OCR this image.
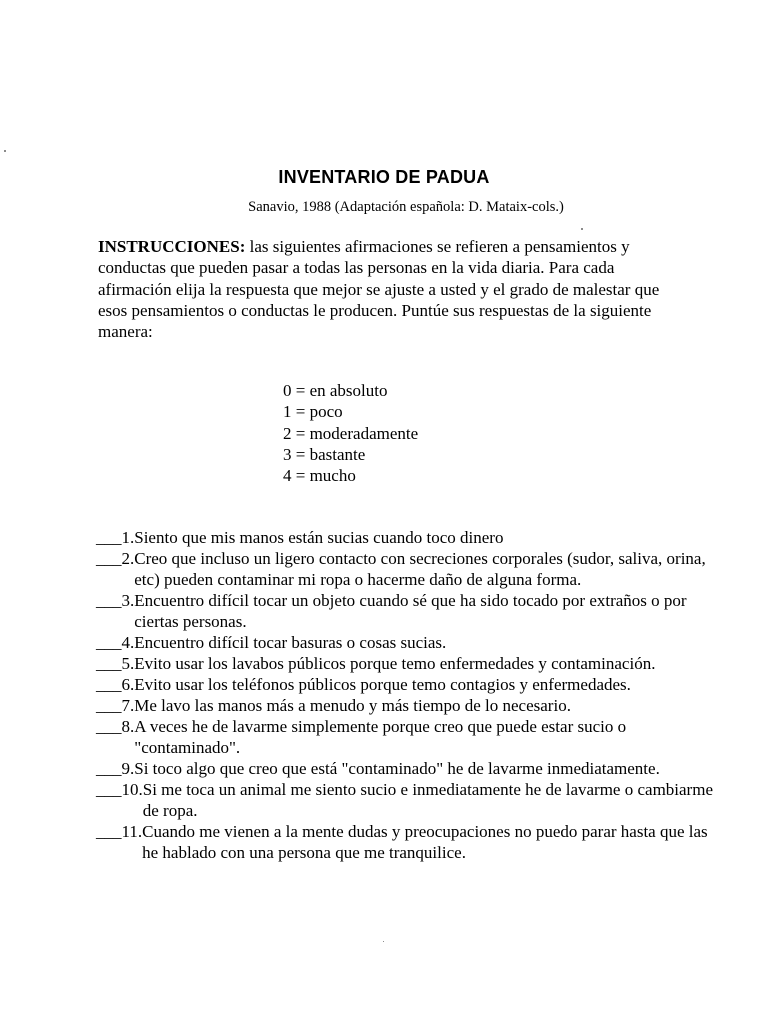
INVENTARIO DE PADUA
Sanavio, 1988 (Adaptación española: D. Mataix-cols.)
INSTRUCCIONES: las siguientes afirmaciones se refieren a pensamientos y conductas que pueden pasar a todas las personas en la vida diaria. Para cada afirmación elija la respuesta que mejor se ajuste a usted y el grado de malestar que esos pensamientos o conductas le producen. Puntúe sus respuestas de la siguiente manera:
0 = en absoluto
1 = poco
2 = moderadamente
3 = bastante
4 = mucho
___ 1. Siento que mis manos están sucias cuando toco dinero
___ 2. Creo que incluso un ligero contacto con secreciones corporales (sudor, saliva, orina, etc) pueden contaminar mi ropa o hacerme daño de alguna forma.
___ 3. Encuentro difícil tocar un objeto cuando sé que ha sido tocado por extraños o por ciertas personas.
___ 4. Encuentro difícil tocar basuras o cosas sucias.
___ 5. Evito usar los lavabos públicos porque temo enfermedades y contaminación.
___ 6. Evito usar los teléfonos públicos porque temo contagios y enfermedades.
___ 7. Me lavo las manos más a menudo y más tiempo de lo necesario.
___ 8. A veces he de lavarme simplemente porque creo que puede estar sucio o "contaminado".
___ 9. Si toco algo que creo que está "contaminado" he de lavarme inmediatamente.
___ 10. Si me toca un animal me siento sucio e inmediatamente he de lavarme o cambiarme de ropa.
___ 11. Cuando me vienen a la mente dudas y preocupaciones no puedo parar hasta que las he hablado con una persona que me tranquilice.
